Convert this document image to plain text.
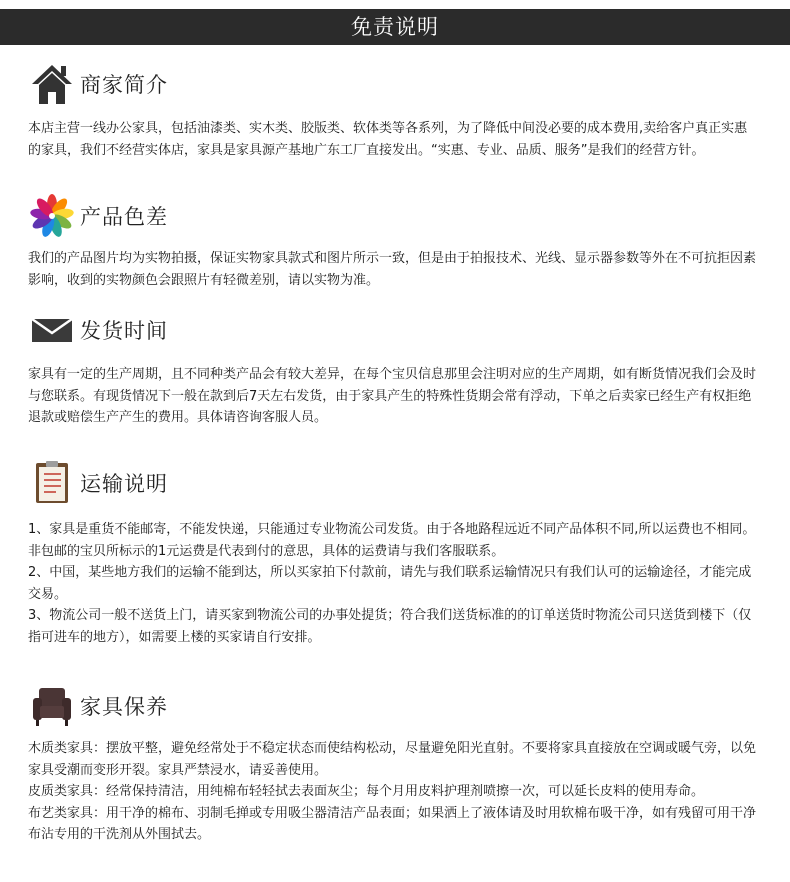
免责说明
商家简介

本店主营一线办公家具，包括油漆类、实木类、胶版类、软体类等各系列，为了降低中间没必要的成本费用,卖给客户真正实惠的家具，我们不经营实体店，家具是家具源产基地广东工厂直接发出。“实惠、专业、品质、服务”是我们的经营方针。

产品色差

我们的产品图片均为实物拍摄，保证实物家具款式和图片所示一致，但是由于拍报技术、光线、显示器参数等外在不可抗拒因素影响，收到的实物颜色会跟照片有轻微差别，请以实物为准。

发货时间

家具有一定的生产周期，且不同种类产品会有较大差异，在每个宝贝信息那里会注明对应的生产周期，如有断货情况我们会及时与您联系。有现货情况下一般在款到后7天左右发货，由于家具产生的特殊性货期会常有浮动，下单之后卖家已经生产有权拒绝退款或赔偿生产产生的费用。具体请咨询客服人员。

运输说明

1、家具是重货不能邮寄，不能发快递，只能通过专业物流公司发货。由于各地路程远近不同产品体积不同,所以运费也不相同。非包邮的宝贝所标示的1元运费是代表到付的意思，具体的运费请与我们客服联系。

2、中国，某些地方我们的运输不能到达，所以买家拍下付款前，请先与我们联系运输情况只有我们认可的运输途径，才能完成交易。

3、物流公司一般不送货上门，请买家到物流公司的办事处提货；符合我们送货标准的的订单送货时物流公司只送货到楼下（仅指可进车的地方），如需要上楼的买家请自行安排。

家具保养

木质类家具：摆放平整，避免经常处于不稳定状态而使结构松动，尽量避免阳光直射。不要将家具直接放在空调或暖气旁，以免家具受潮而变形开裂。家具严禁浸水，请妥善使用。

皮质类家具：经常保持清洁，用纯棉布轻轻拭去表面灰尘；每个月用皮料护理剂喷擦一次，可以延长皮料的使用寿命。

布艺类家具：用干净的棉布、羽制毛掸或专用吸尘器清洁产品表面；如果洒上了液体请及时用软棉布吸干净，如有残留可用干净布沾专用的干洗剂从外围拭去。
